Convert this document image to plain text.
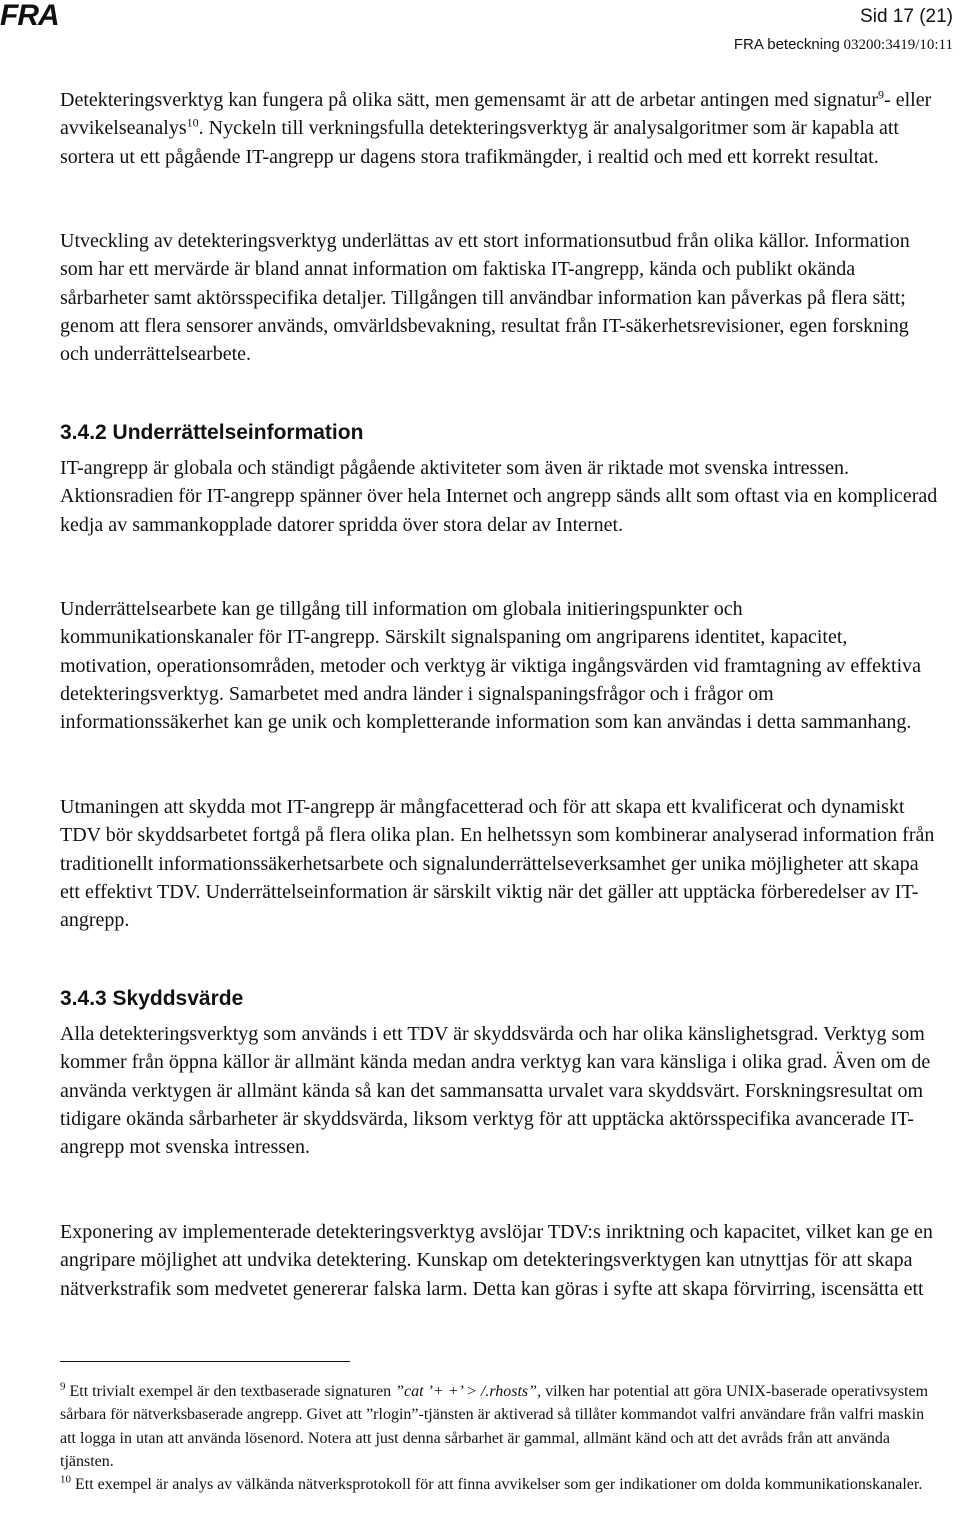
FRA	Sid 17 (21)
FRA beteckning 03200:3419/10:11

Detekteringsverktyg kan fungera på olika sätt, men gemensamt är att de arbetar antingen med signatur$^9$- eller avvikelseanalys$^{10}$. Nyckeln till verkningsfulla detekteringsverktyg är analysalgoritmer som är kapabla att sortera ut ett pågående IT-angrepp ur dagens stora trafikmängder, i realtid och med ett korrekt resultat.

Utveckling av detekteringsverktyg underlättas av ett stort informationsutbud från olika källor. Information som har ett mervärde är bland annat information om faktiska IT-angrepp, kända och publikt okända sårbarheter samt aktörsspecifika detaljer. Tillgången till användbar information kan påverkas på flera sätt; genom att flera sensorer används, omvärldsbevakning, resultat från IT-säkerhetsrevisioner, egen forskning och underrättelsearbete.

3.4.2 Underrättelseinformation

IT-angrepp är globala och ständigt pågående aktiviteter som även är riktade mot svenska intressen. Aktionsradien för IT-angrepp spänner över hela Internet och angrepp sänds allt som oftast via en komplicerad kedja av sammankopplade datorer spridda över stora delar av Internet.

Underrättelsearbete kan ge tillgång till information om globala initieringspunkter och kommunikationskanaler för IT-angrepp. Särskilt signalspaning om angriparens identitet, kapacitet, motivation, operationsområden, metoder och verktyg är viktiga ingångsvärden vid framtagning av effektiva detekteringsverktyg. Samarbetet med andra länder i signalspaningsfrågor och i frågor om informationssäkerhet kan ge unik och kompletterande information som kan användas i detta sammanhang.

Utmaningen att skydda mot IT-angrepp är mångfacetterad och för att skapa ett kvalificerat och dynamiskt TDV bör skyddsarbetet fortgå på flera olika plan. En helhetssyn som kombinerar analyserad information från traditionellt informationssäkerhetsarbete och signalunderrättelseverksamhet ger unika möjligheter att skapa ett effektivt TDV. Underrättelseinformation är särskilt viktig när det gäller att upptäcka förberedelser av IT-angrepp.

3.4.3 Skyddsvärde

Alla detekteringsverktyg som används i ett TDV är skyddsvärda och har olika känslighetsgrad. Verktyg som kommer från öppna källor är allmänt kända medan andra verktyg kan vara känsliga i olika grad. Även om de använda verktygen är allmänt kända så kan det sammansatta urvalet vara skyddsvärt. Forskningsresultat om tidigare okända sårbarheter är skyddsvärda, liksom verktyg för att upptäcka aktörsspecifika avancerade IT-angrepp mot svenska intressen.

Exponering av implementerade detekteringsverktyg avslöjar TDV:s inriktning och kapacitet, vilket kan ge en angripare möjlighet att undvika detektering. Kunskap om detekteringsverktygen kan utnyttjas för att skapa nätverkstrafik som medvetet genererar falska larm. Detta kan göras i syfte att skapa förvirring, iscensätta ett

$^9$ Ett trivialt exempel är den textbaserade signaturen ”cat ’+ +’ > /.rhosts”, vilken har potential att göra UNIX-baserade operativsystem sårbara för nätverksbaserade angrepp. Givet att ”rlogin”-tjänsten är aktiverad så tillåter kommandot valfri användare från valfri maskin att logga in utan att använda lösenord. Notera att just denna sårbarhet är gammal, allmänt känd och att det avråds från att använda tjänsten.

$^{10}$ Ett exempel är analys av välkända nätverksprotokoll för att finna avvikelser som ger indikationer om dolda kommunikationskanaler.
